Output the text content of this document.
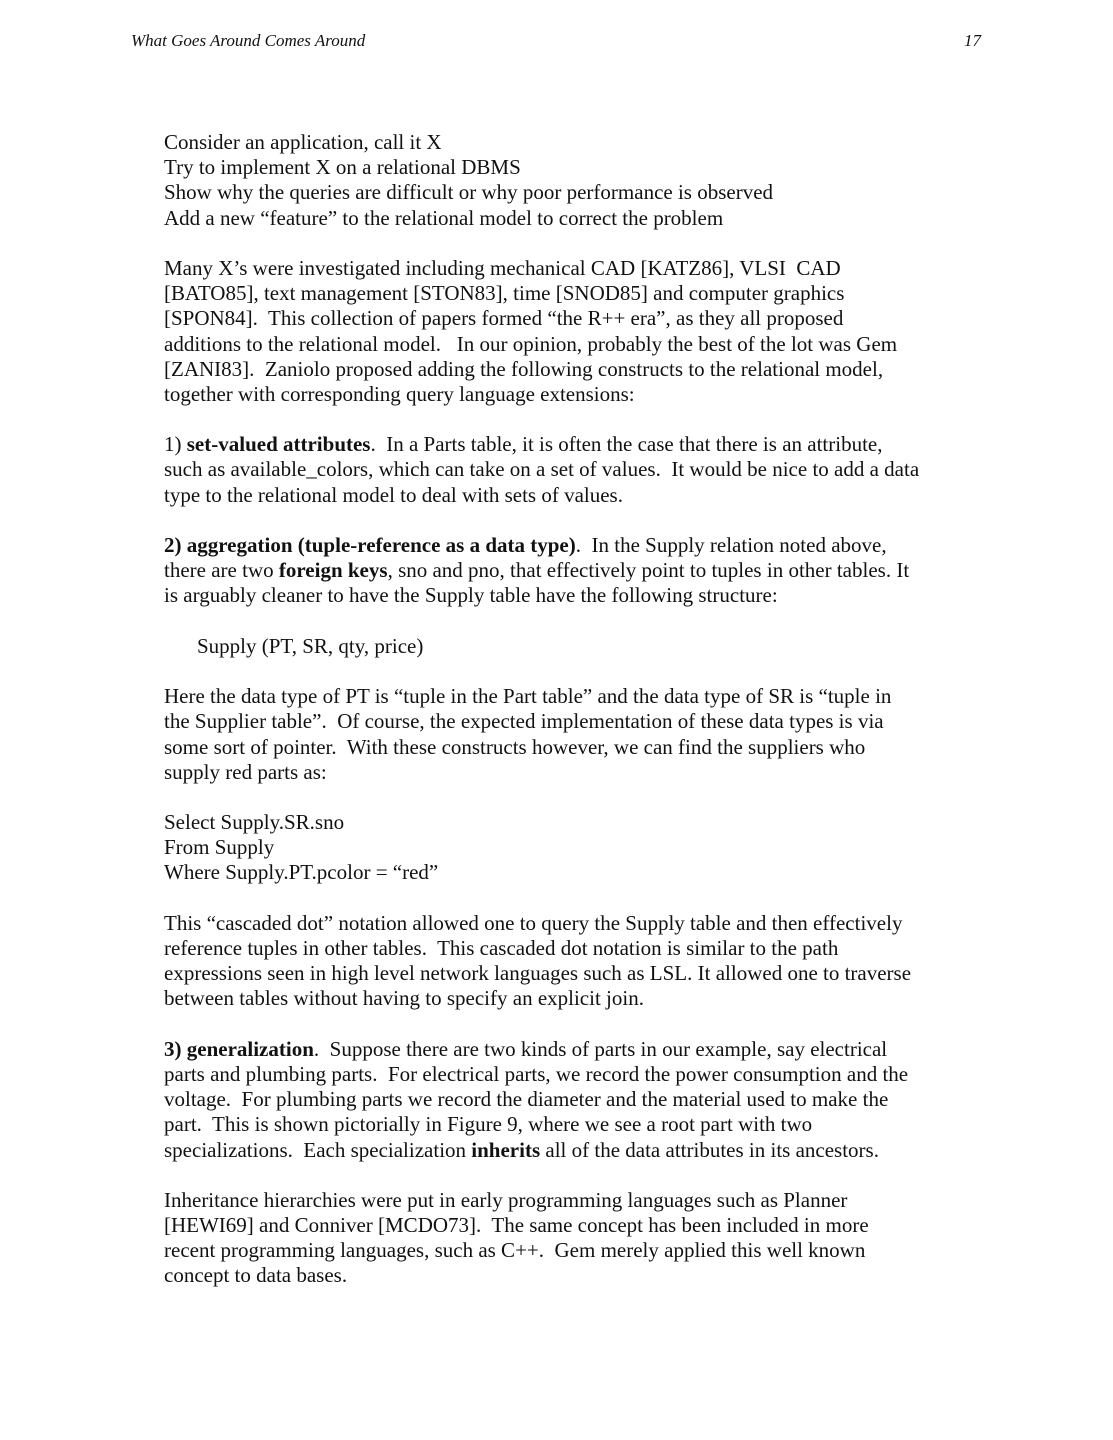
What Goes Around Comes Around	17
Consider an application, call it X
Try to implement X on a relational DBMS
Show why the queries are difficult or why poor performance is observed
Add a new “feature” to the relational model to correct the problem
Many X’s were investigated including mechanical CAD [KATZ86], VLSI  CAD
[BATO85], text management [STON83], time [SNOD85] and computer graphics
[SPON84].  This collection of papers formed “the R++ era”, as they all proposed
additions to the relational model.   In our opinion, probably the best of the lot was Gem
[ZANI83].  Zaniolo proposed adding the following constructs to the relational model,
together with corresponding query language extensions:
1) set-valued attributes.  In a Parts table, it is often the case that there is an attribute,
such as available_colors, which can take on a set of values.  It would be nice to add a data
type to the relational model to deal with sets of values.
2) aggregation (tuple-reference as a data type).  In the Supply relation noted above,
there are two foreign keys, sno and pno, that effectively point to tuples in other tables. It
is arguably cleaner to have the Supply table have the following structure:
Supply (PT, SR, qty, price)
Here the data type of PT is “tuple in the Part table” and the data type of SR is “tuple in
the Supplier table”.  Of course, the expected implementation of these data types is via
some sort of pointer.  With these constructs however, we can find the suppliers who
supply red parts as:
Select Supply.SR.sno
From Supply
Where Supply.PT.pcolor = “red”
This “cascaded dot” notation allowed one to query the Supply table and then effectively
reference tuples in other tables.  This cascaded dot notation is similar to the path
expressions seen in high level network languages such as LSL. It allowed one to traverse
between tables without having to specify an explicit join.
3) generalization.  Suppose there are two kinds of parts in our example, say electrical
parts and plumbing parts.  For electrical parts, we record the power consumption and the
voltage.  For plumbing parts we record the diameter and the material used to make the
part.  This is shown pictorially in Figure 9, where we see a root part with two
specializations.  Each specialization inherits all of the data attributes in its ancestors.
Inheritance hierarchies were put in early programming languages such as Planner
[HEWI69] and Conniver [MCDO73].  The same concept has been included in more
recent programming languages, such as C++.  Gem merely applied this well known
concept to data bases.
